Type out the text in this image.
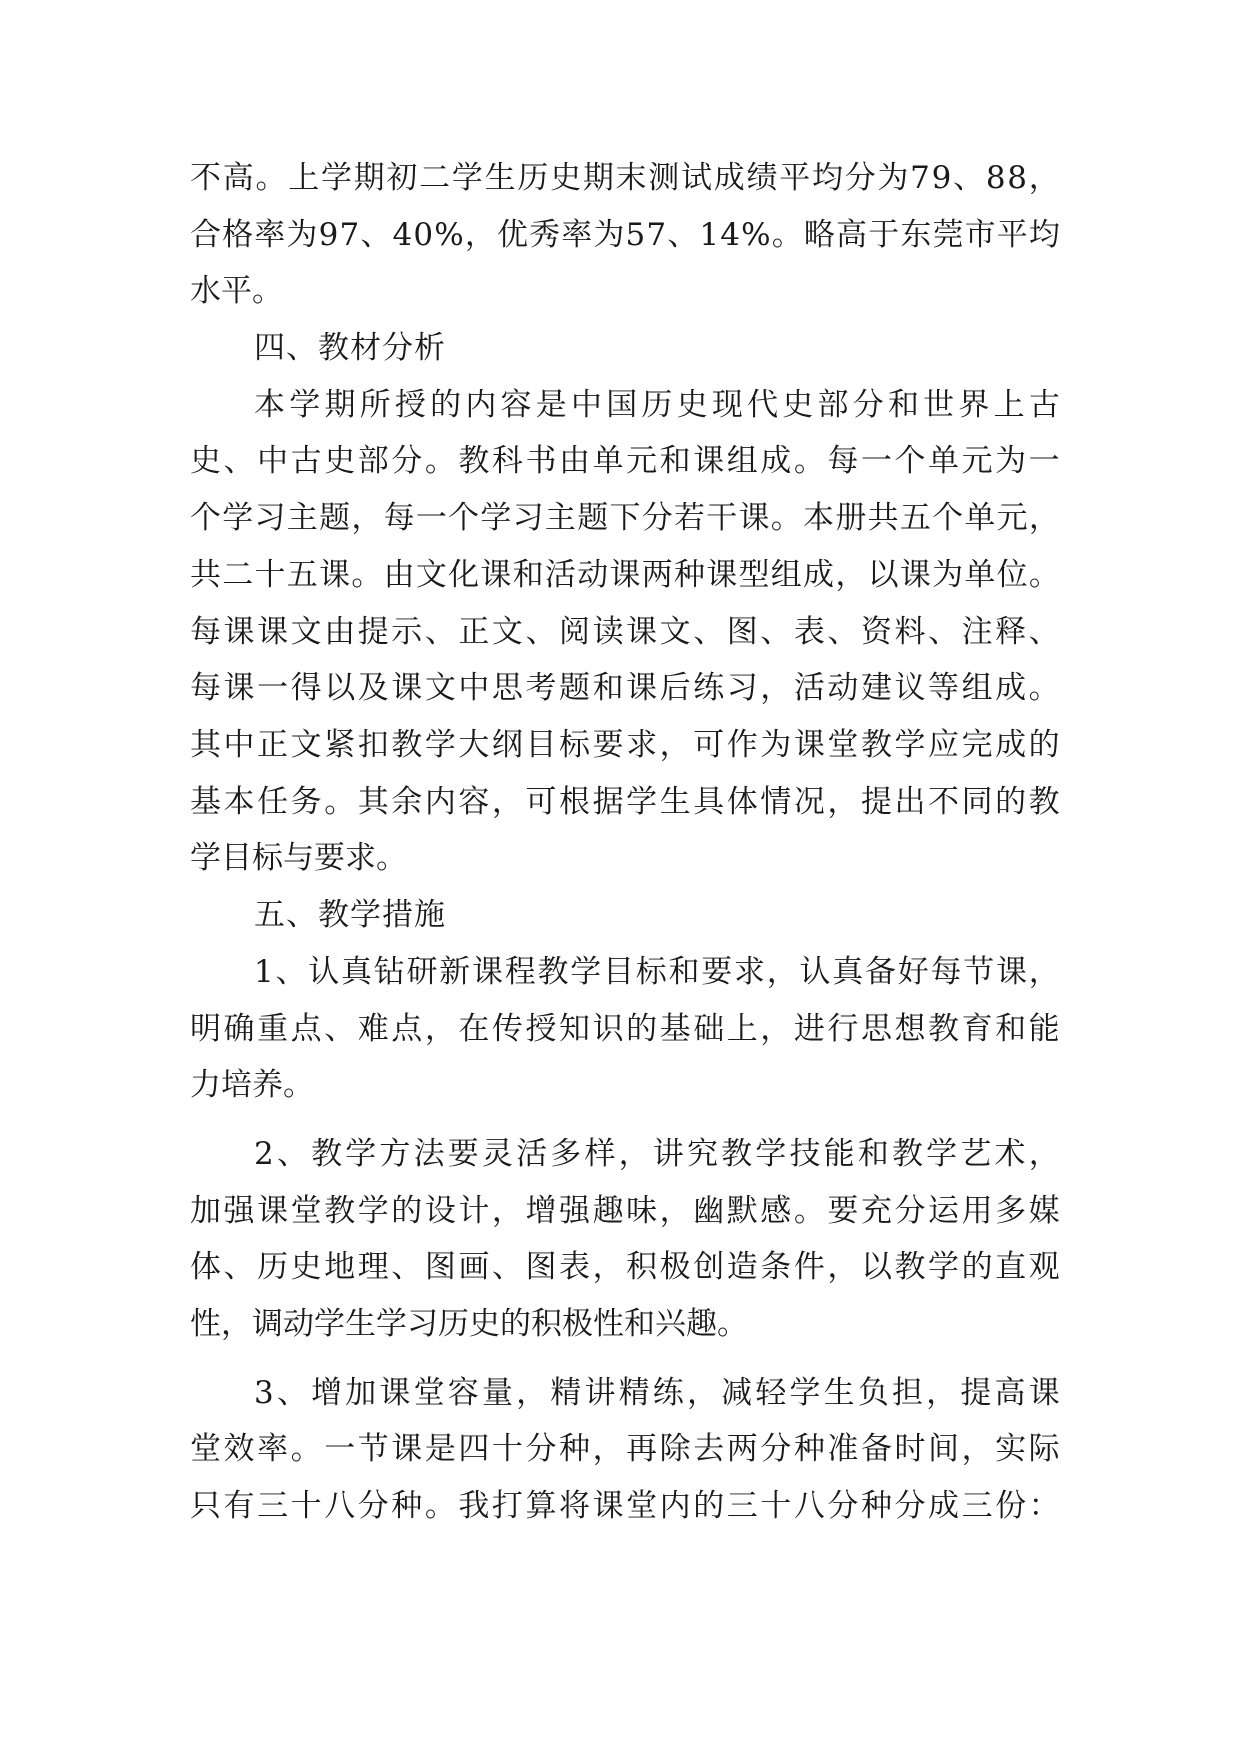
不 高 。 上 学 期 初 二 学 生 历 史 期 末 测 试 成 绩 平 均 分 为 7 9 、 8 8 ，
合 格 率 为 9 7 、 4 0 % ， 优 秀 率 为 5 7 、 1 4 % 。 略 高 于 东 莞 市 平 均
水 平 。
四 、 教 材 分 析
本 学 期 所 授 的 内 容 是 中 国 历 史 现 代 史 部 分 和 世 界 上 古
史 、 中 古 史 部 分 。 教 科 书 由 单 元 和 课 组 成 。 每 一 个 单 元 为 一
个 学 习 主 题 ， 每 一 个 学 习 主 题 下 分 若 干 课 。 本 册 共 五 个 单 元 ，
共 二 十 五 课 。 由 文 化 课 和 活 动 课 两 种 课 型 组 成 ， 以 课 为 单 位 。
每 课 课 文 由 提 示 、 正 文 、 阅 读 课 文 、 图 、 表 、 资 料 、 注 释 、
每 课 一 得 以 及 课 文 中 思 考 题 和 课 后 练 习 ， 活 动 建 议 等 组 成 。
其 中 正 文 紧 扣 教 学 大 纲 目 标 要 求 ， 可 作 为 课 堂 教 学 应 完 成 的
基 本 任 务 。 其 余 内 容 ， 可 根 据 学 生 具 体 情 况 ， 提 出 不 同 的 教
学 目 标 与 要 求 。
五 、 教 学 措 施
1 、 认 真 钻 研 新 课 程 教 学 目 标 和 要 求 ， 认 真 备 好 每 节 课 ，
明 确 重 点 、 难 点 ， 在 传 授 知 识 的 基 础 上 ， 进 行 思 想 教 育 和 能
力 培 养 。
2 、 教 学 方 法 要 灵 活 多 样 ， 讲 究 教 学 技 能 和 教 学 艺 术 ，
加 强 课 堂 教 学 的 设 计 ， 增 强 趣 味 ， 幽 默 感 。 要 充 分 运 用 多 媒
体 、 历 史 地 理 、 图 画 、 图 表 ， 积 极 创 造 条 件 ， 以 教 学 的 直 观
性 ， 调 动 学 生 学 习 历 史 的 积 极 性 和 兴 趣 。
3 、 增 加 课 堂 容 量 ， 精 讲 精 练 ， 减 轻 学 生 负 担 ， 提 高 课
堂 效 率 。 一 节 课 是 四 十 分 种 ， 再 除 去 两 分 种 准 备 时 间 ， 实 际
只 有 三 十 八 分 种 。 我 打 算 将 课 堂 内 的 三 十 八 分 种 分 成 三 份 ：
